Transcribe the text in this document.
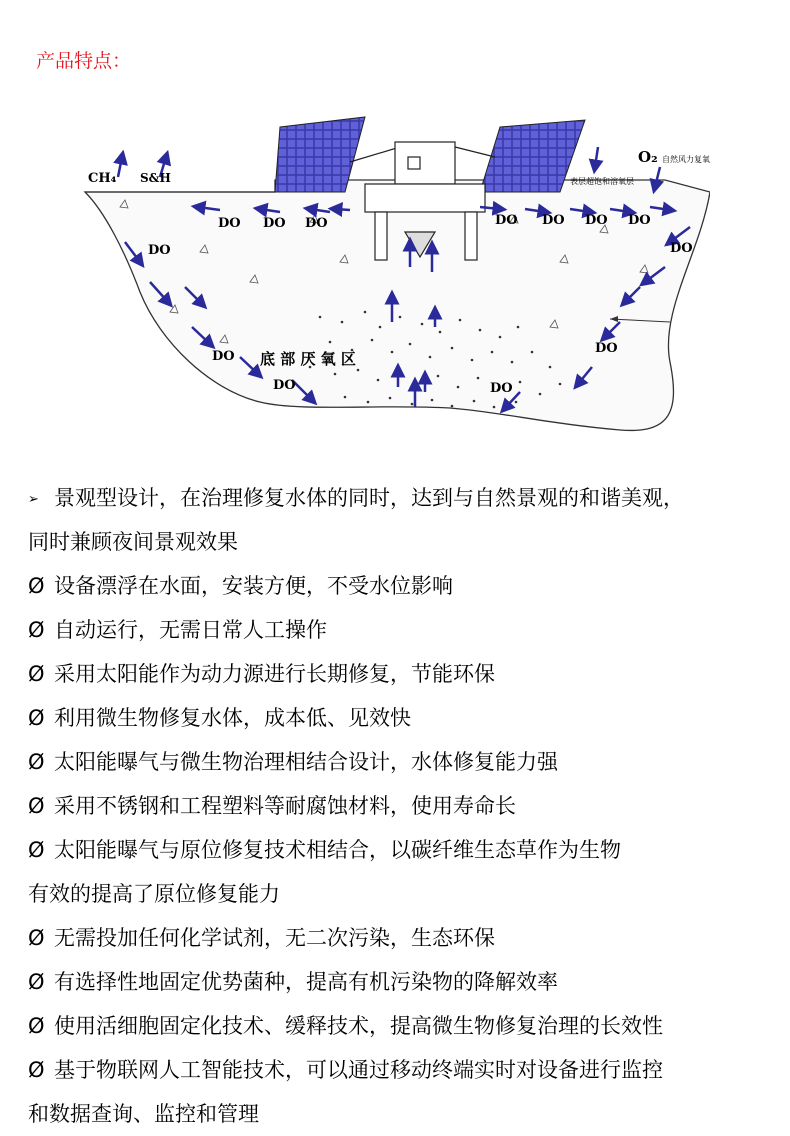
产品特点：
CH₄ S&H
O₂ 自然风力复氧
表层超饱和溶氧层
底 部 厌 氧 区
DO DO DO
DO
DO DO DO DO
DO
DO
DO
DO	DO
➢ 景观型设计，在治理修复水体的同时，达到与自然景观的和谐美观，
同时兼顾夜间景观效果
Ø 设备漂浮在水面，安装方便，不受水位影响
Ø 自动运行，无需日常人工操作
Ø 采用太阳能作为动力源进行长期修复，节能环保
Ø 利用微生物修复水体，成本低、见效快
Ø 太阳能曝气与微生物治理相结合设计，水体修复能力强
Ø 采用不锈钢和工程塑料等耐腐蚀材料，使用寿命长
Ø 太阳能曝气与原位修复技术相结合，以碳纤维生态草作为生物
有效的提高了原位修复能力
Ø 无需投加任何化学试剂，无二次污染，生态环保
Ø 有选择性地固定优势菌种，提高有机污染物的降解效率
Ø 使用活细胞固定化技术、缓释技术，提高微生物修复治理的长效性
Ø 基于物联网人工智能技术，可以通过移动终端实时对设备进行监控
和数据查询、监控和管理
